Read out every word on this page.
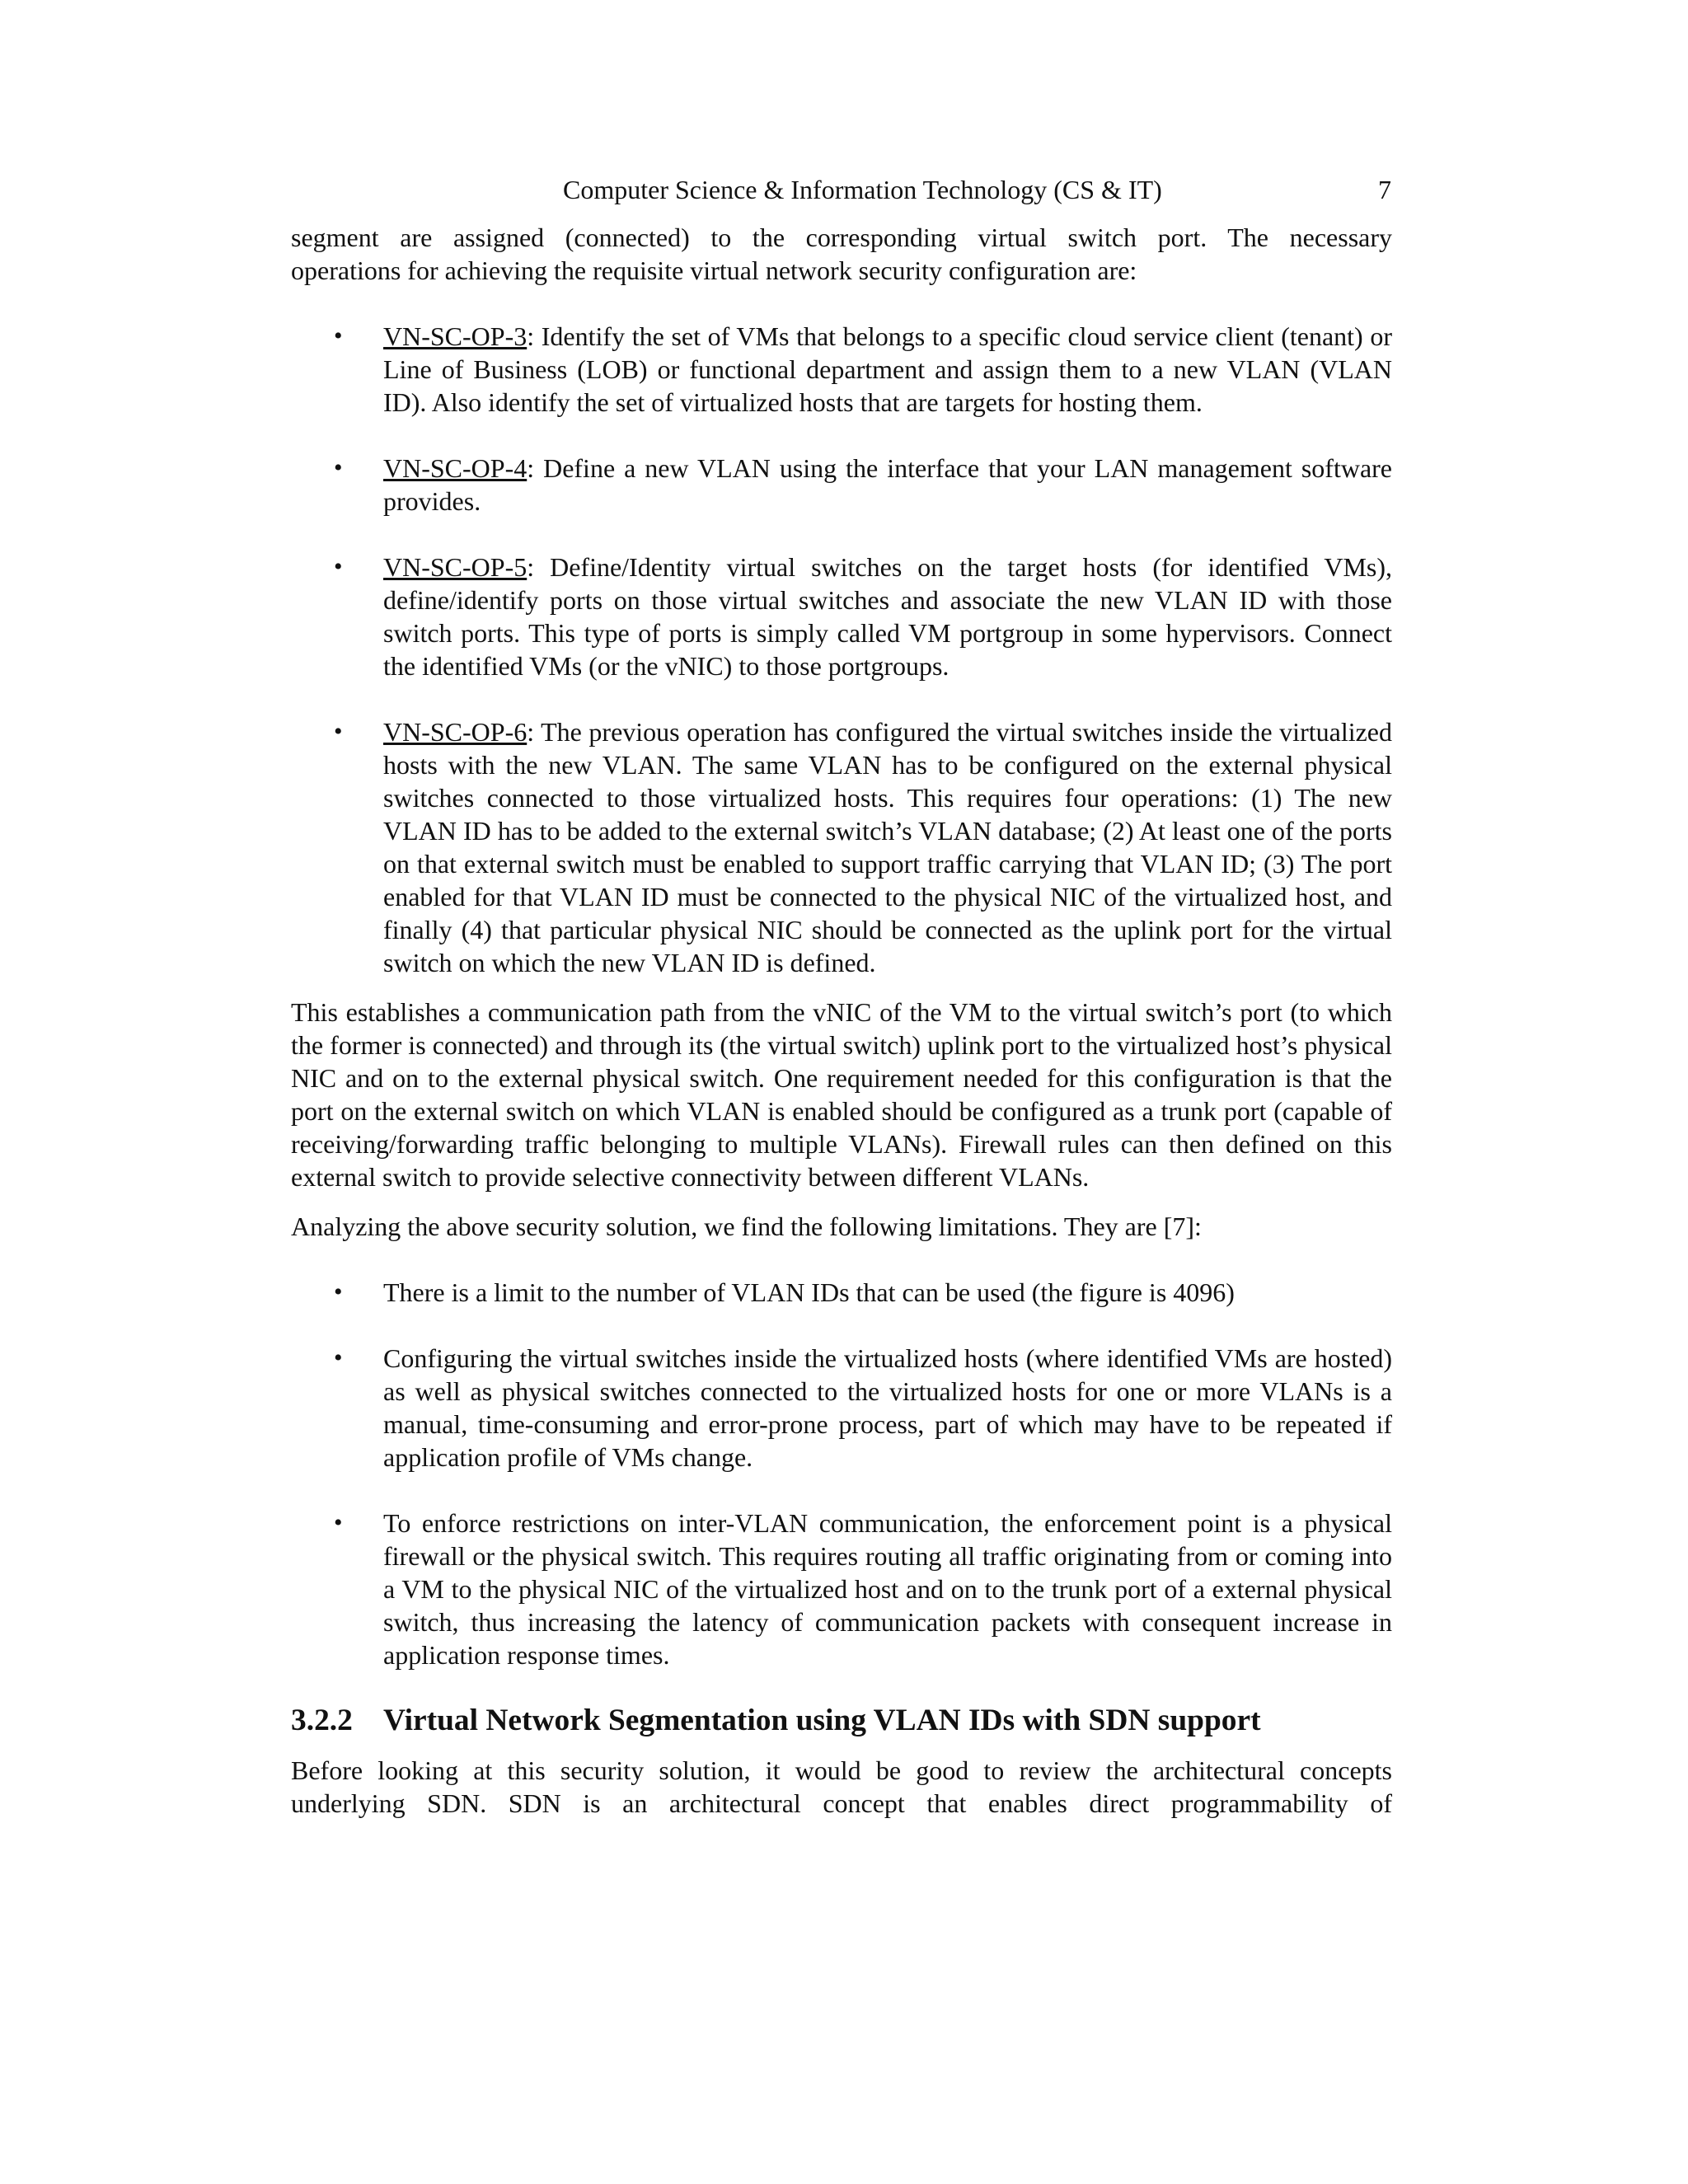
Computer Science & Information Technology (CS & IT)	7

segment are assigned (connected) to the corresponding virtual switch port. The necessary

operations for achieving the requisite virtual network security configuration are:

• VN-SC-OP-3: Identify the set of VMs that belongs to a specific cloud service client (tenant) or Line of Business (LOB) or functional department and assign them to a new VLAN (VLAN ID). Also identify the set of virtualized hosts that are targets for hosting them.
• VN-SC-OP-4: Define a new VLAN using the interface that your LAN management software provides.
• VN-SC-OP-5: Define/Identity virtual switches on the target hosts (for identified VMs), define/identify ports on those virtual switches and associate the new VLAN ID with those switch ports. This type of ports is simply called VM portgroup in some hypervisors. Connect the identified VMs (or the vNIC) to those portgroups.
• VN-SC-OP-6: The previous operation has configured the virtual switches inside the virtualized hosts with the new VLAN. The same VLAN has to be configured on the external physical switches connected to those virtualized hosts. This requires four operations: (1) The new VLAN ID has to be added to the external switch’s VLAN database; (2) At least one of the ports on that external switch must be enabled to support traffic carrying that VLAN ID; (3) The port enabled for that VLAN ID must be connected to the physical NIC of the virtualized host, and finally (4) that particular physical NIC should be connected as the uplink port for the virtual switch on which the new VLAN ID is defined.

This establishes a communication path from the vNIC of the VM to the virtual switch’s port (to which the former is connected) and through its (the virtual switch) uplink port to the virtualized host’s physical NIC and on to the external physical switch. One requirement needed for this configuration is that the port on the external switch on which VLAN is enabled should be configured as a trunk port (capable of receiving/forwarding traffic belonging to multiple VLANs). Firewall rules can then defined on this external switch to provide selective connectivity between different VLANs.

Analyzing the above security solution, we find the following limitations. They are [7]:

• There is a limit to the number of VLAN IDs that can be used (the figure is 4096)
• Configuring the virtual switches inside the virtualized hosts (where identified VMs are hosted) as well as physical switches connected to the virtualized hosts for one or more VLANs is a manual, time-consuming and error-prone process, part of which may have to be repeated if application profile of VMs change.
• To enforce restrictions on inter-VLAN communication, the enforcement point is a physical firewall or the physical switch. This requires routing all traffic originating from or coming into a VM to the physical NIC of the virtualized host and on to the trunk port of a external physical switch, thus increasing the latency of communication packets with consequent increase in application response times.
3.2.2 Virtual Network Segmentation using VLAN IDs with SDN support

Before looking at this security solution, it would be good to review the architectural concepts

underlying SDN. SDN is an architectural concept that enables direct programmability of
